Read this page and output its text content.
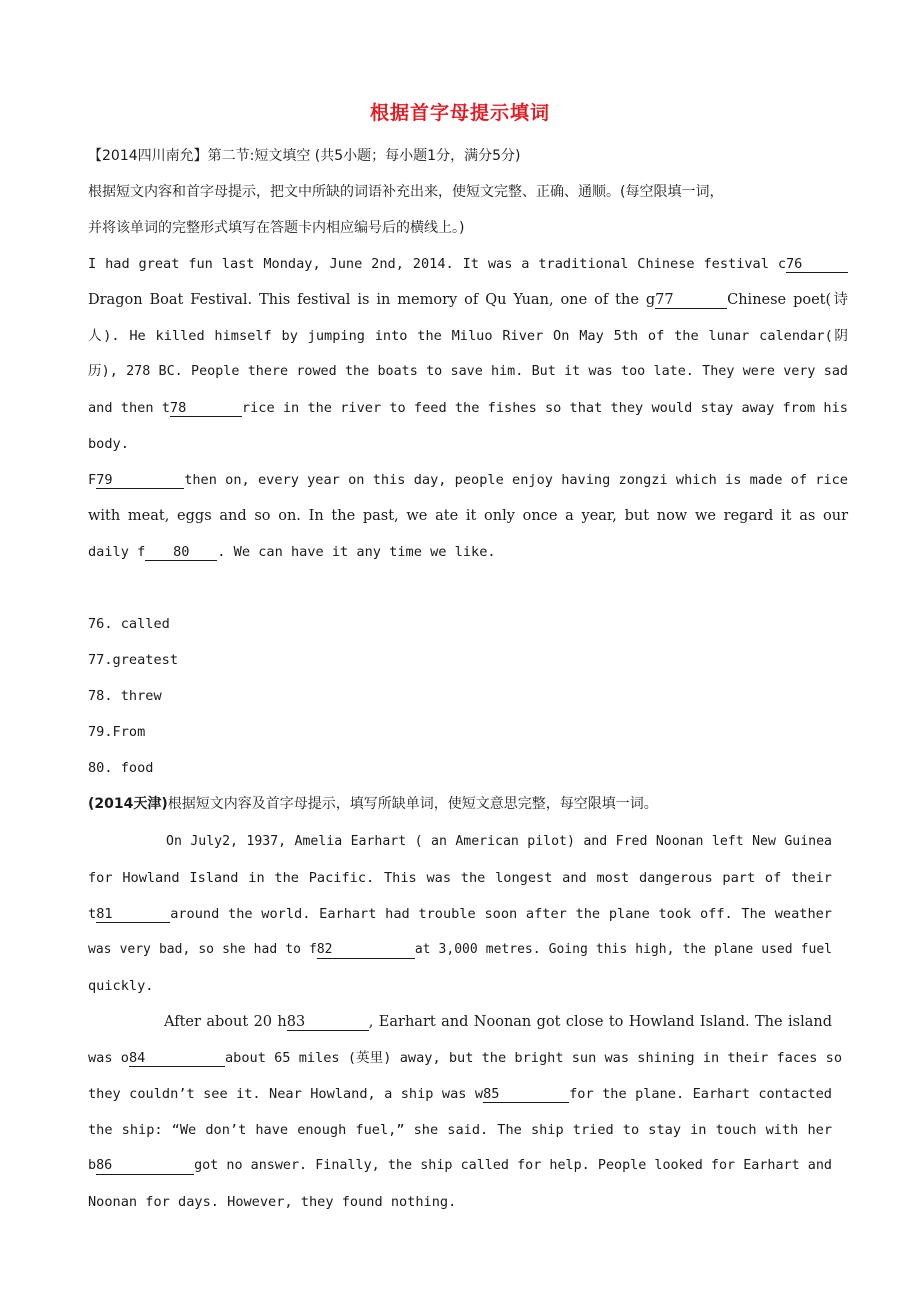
根据首字母提示填词
【2014四川南允】第二节:短文填空 (共5小题；每小题1分，满分5分)
根据短文内容和首字母提示，把文中所缺的词语补充出来，使短文完整、正确、通顺。(每空限填一词，
并将该单词的完整形式填写在答题卡内相应编号后的横线上。)
I had great fun last Monday, June 2nd, 2014. It was a traditional Chinese festival c76
Dragon Boat Festival. This festival is in memory of Qu Yuan, one of the g77	Chinese poet(诗
人). He killed himself by jumping into the Miluo River On May 5th of the lunar calendar(阴
历), 278 BC. People there rowed the boats to save him. But it was too late. They were very sad
and then t78	rice in the river to feed the fishes so that they would stay away from his
body.
F79	then on, every year on this day, people enjoy having zongzi which is made of rice
with meat, eggs and so on. In the past, we ate it only once a year, but now we regard it as our
daily f 80 . We can have it any time we like.
76. called
77.greatest
78. threw
79.From
80. food
(2014天津)根据短文内容及首字母提示，填写所缺单词，使短文意思完整，每空限填一词。
On July2, 1937, Amelia Earhart ( an American pilot) and Fred Noonan left New Guinea
for Howland Island in the Pacific. This was the longest and most dangerous part of their
t81	around the world. Earhart had trouble soon after the plane took off. The weather
was very bad, so she had to f82	at 3,000 metres. Going this high, the plane used fuel
quickly.
After about 20 h83	, Earhart and Noonan got close to Howland Island. The island
was o84	about 65 miles (英里) away, but the bright sun was shining in their faces so
they couldn’t see it. Near Howland, a ship was w85	for the plane. Earhart contacted
the ship: “We don’t have enough fuel,” she said. The ship tried to stay in touch with her
b86	got no answer. Finally, the ship called for help. People looked for Earhart and
Noonan for days. However, they found nothing.
